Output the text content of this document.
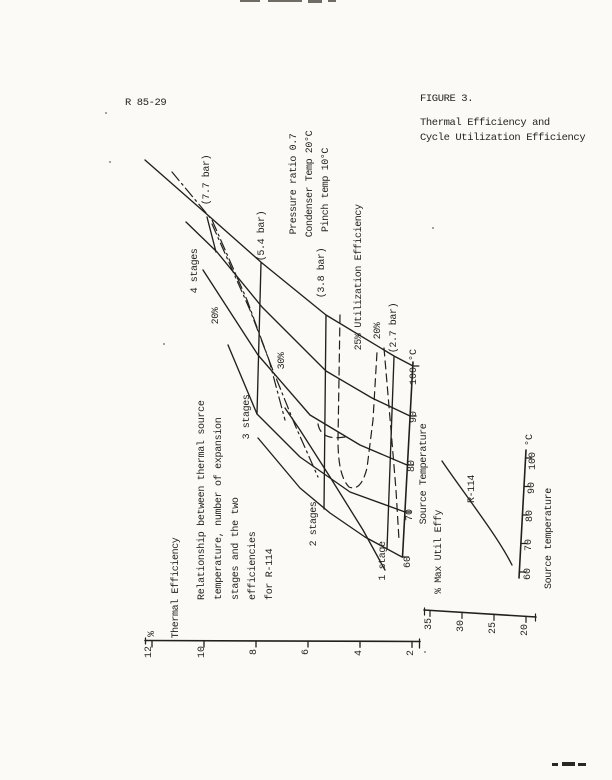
R 85-29	FIGURE 3.
Thermal Efficiency and
Cycle Utilization Efficiency
Pressure ratio 0.7 Condenser Temp 20°C Pinch temp 10°C
(7.7 bar)
(5.4 bar)
(3.8 bar)
(2.7 bar)
4 stages
3 stages
2 stages
1 stage
20%
30%
25%
20%
Utilization Efficiency
60
70
80
90
100 °C
Source Temperature
12	10	8	6	4	2
% Thermal Efficiency Relationship between thermal source temperature, number of expansion stages and the two efficiencies for R-114
35 30 25 20
% Max Util Effy	60
70
80
90
100
°C
Source temperature
R-114
